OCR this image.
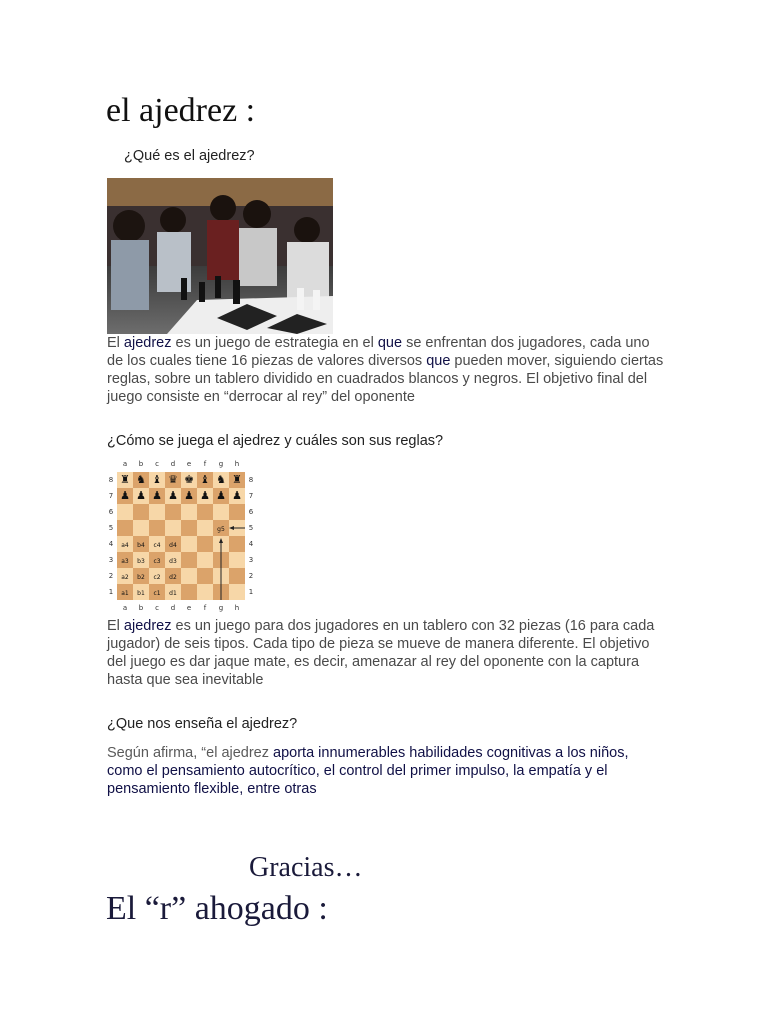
el ajedrez :
¿Qué es el ajedrez?
El ajedrez es un juego de estrategia en el que se enfrentan dos jugadores, cada uno de los cuales tiene 16 piezas de valores diversos que pueden mover, siguiendo ciertas reglas, sobre un tablero dividido en cuadrados blancos y negros. El objetivo final del juego consiste en “derrocar al rey” del oponente
¿Cómo se juega el ajedrez y cuáles son sus reglas?
a	b	c	d	e	f	g	h
a	b	c	d	e	f	g	h
8
7
6
5
4
3
2
1
8
7
6
5
4
3
2
1
♜ ♞ ♝ ♛ ♚ ♝ ♞ ♜
♟ ♟ ♟ ♟ ♟ ♟ ♟ ♟
g5
a4	b4	c4	d4
a3	b3	c3	d3
a2	b2	c2	d2
a1	b1	c1	d1
El ajedrez es un juego para dos jugadores en un tablero con 32 piezas (16 para cada jugador) de seis tipos. Cada tipo de pieza se mueve de manera diferente. El objetivo del juego es dar jaque mate, es decir, amenazar al rey del oponente con la captura hasta que sea inevitable
¿Que nos enseña el ajedrez?
Según afirma, “el ajedrez aporta innumerables habilidades cognitivas a los niños, como el pensamiento autocrítico, el control del primer impulso, la empatía y el pensamiento flexible, entre otras
Gracias…
El “r” ahogado :
